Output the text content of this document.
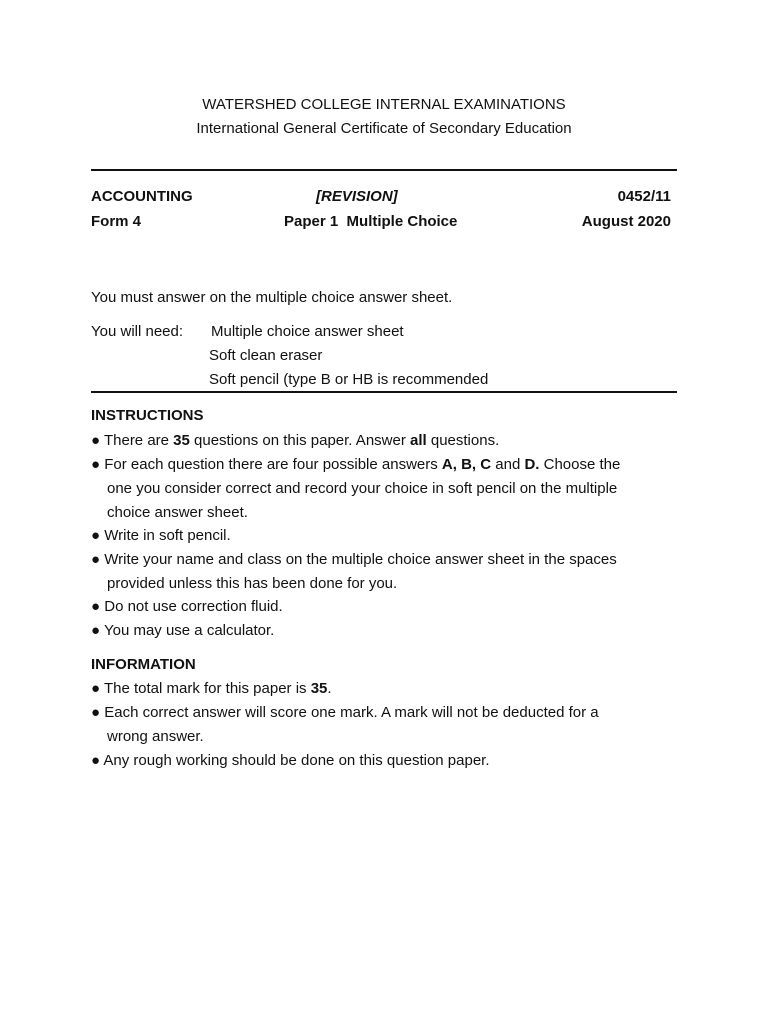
WATERSHED COLLEGE INTERNAL EXAMINATIONS
International General Certificate of Secondary Education
ACCOUNTING	[REVISION]	0452/11
Form 4	Paper 1  Multiple Choice	August 2020
You must answer on the multiple choice answer sheet.
You will need: Multiple choice answer sheet
Soft clean eraser
Soft pencil (type B or HB is recommended
INSTRUCTIONS
● There are 35 questions on this paper. Answer all questions.
● For each question there are four possible answers A, B, C and D. Choose the
one you consider correct and record your choice in soft pencil on the multiple
choice answer sheet.
● Write in soft pencil.
● Write your name and class on the multiple choice answer sheet in the spaces
provided unless this has been done for you.
● Do not use correction fluid.
● You may use a calculator.
INFORMATION
● The total mark for this paper is 35.
● Each correct answer will score one mark. A mark will not be deducted for a
wrong answer.
● Any rough working should be done on this question paper.
